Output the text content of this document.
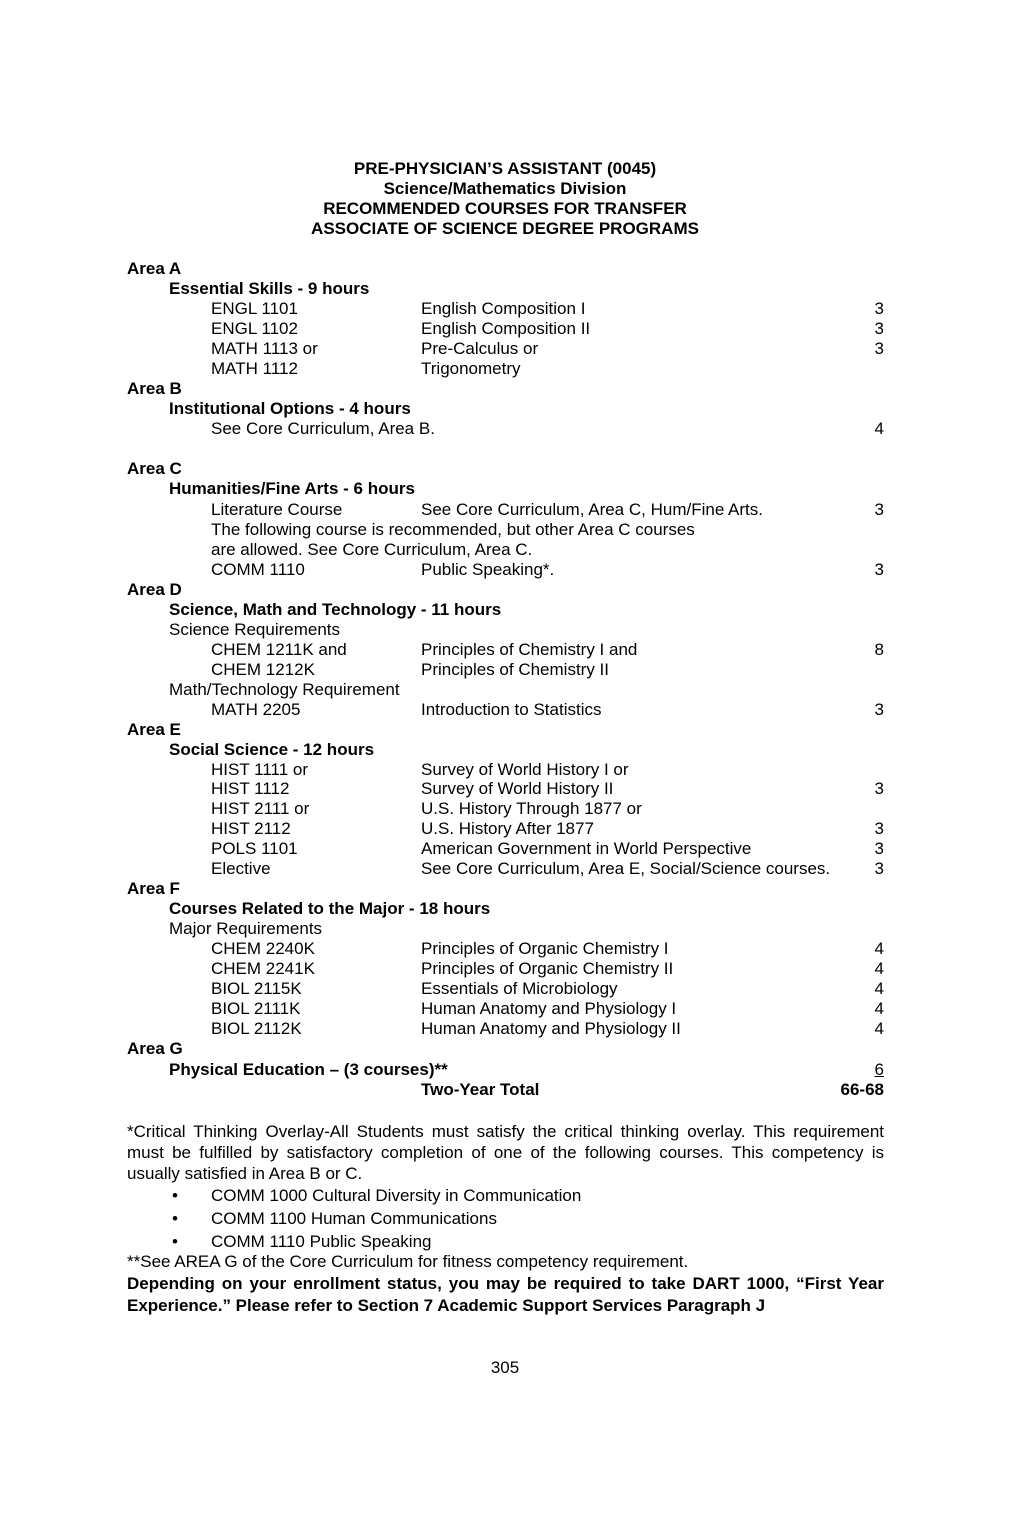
PRE-PHYSICIAN’S ASSISTANT (0045)
Science/Mathematics Division
RECOMMENDED COURSES FOR TRANSFER
ASSOCIATE OF SCIENCE DEGREE PROGRAMS
Area A
Essential Skills - 9 hours
ENGL 1101	English Composition I	3
ENGL 1102	English Composition II	3
MATH 1113 or	Pre-Calculus or	3
MATH 1112	Trigonometry
Area B
Institutional Options - 4 hours
See Core Curriculum, Area B.	4
Area C
Humanities/Fine Arts - 6 hours
Literature Course	See Core Curriculum, Area C, Hum/Fine Arts.	3
The following course is recommended, but other Area C courses
are allowed. See Core Curriculum, Area C.
COMM 1110	Public Speaking*.	3
Area D
Science, Math and Technology - 11 hours
Science Requirements
CHEM 1211K and	Principles of Chemistry I and	8
CHEM 1212K	Principles of Chemistry II
Math/Technology Requirement
MATH 2205	Introduction to Statistics	3
Area E
Social Science - 12 hours
HIST 1111 or	Survey of World History I or
HIST 1112	Survey of World History II	3
HIST 2111 or	U.S. History Through 1877 or
HIST 2112	U.S. History After 1877	3
POLS 1101	American Government in World Perspective	3
Elective	See Core Curriculum, Area E, Social/Science courses.	3
Area F
Courses Related to the Major - 18 hours
Major Requirements
CHEM 2240K	Principles of Organic Chemistry I	4
CHEM 2241K	Principles of Organic Chemistry II	4
BIOL 2115K	Essentials of Microbiology	4
BIOL 2111K	Human Anatomy and Physiology I	4
BIOL 2112K	Human Anatomy and Physiology II	4
Area G
Physical Education – (3 courses)**	6
Two-Year Total	66-68
*Critical Thinking Overlay-All Students must satisfy the critical thinking overlay. This requirement must be fulfilled by satisfactory completion of one of the following courses. This competency is usually satisfied in Area B or C.
• COMM 1000 Cultural Diversity in Communication
• COMM 1100 Human Communications
• COMM 1110 Public Speaking
**See AREA G of the Core Curriculum for fitness competency requirement.
Depending on your enrollment status, you may be required to take DART 1000, “First Year Experience.” Please refer to Section 7 Academic Support Services Paragraph J
305
